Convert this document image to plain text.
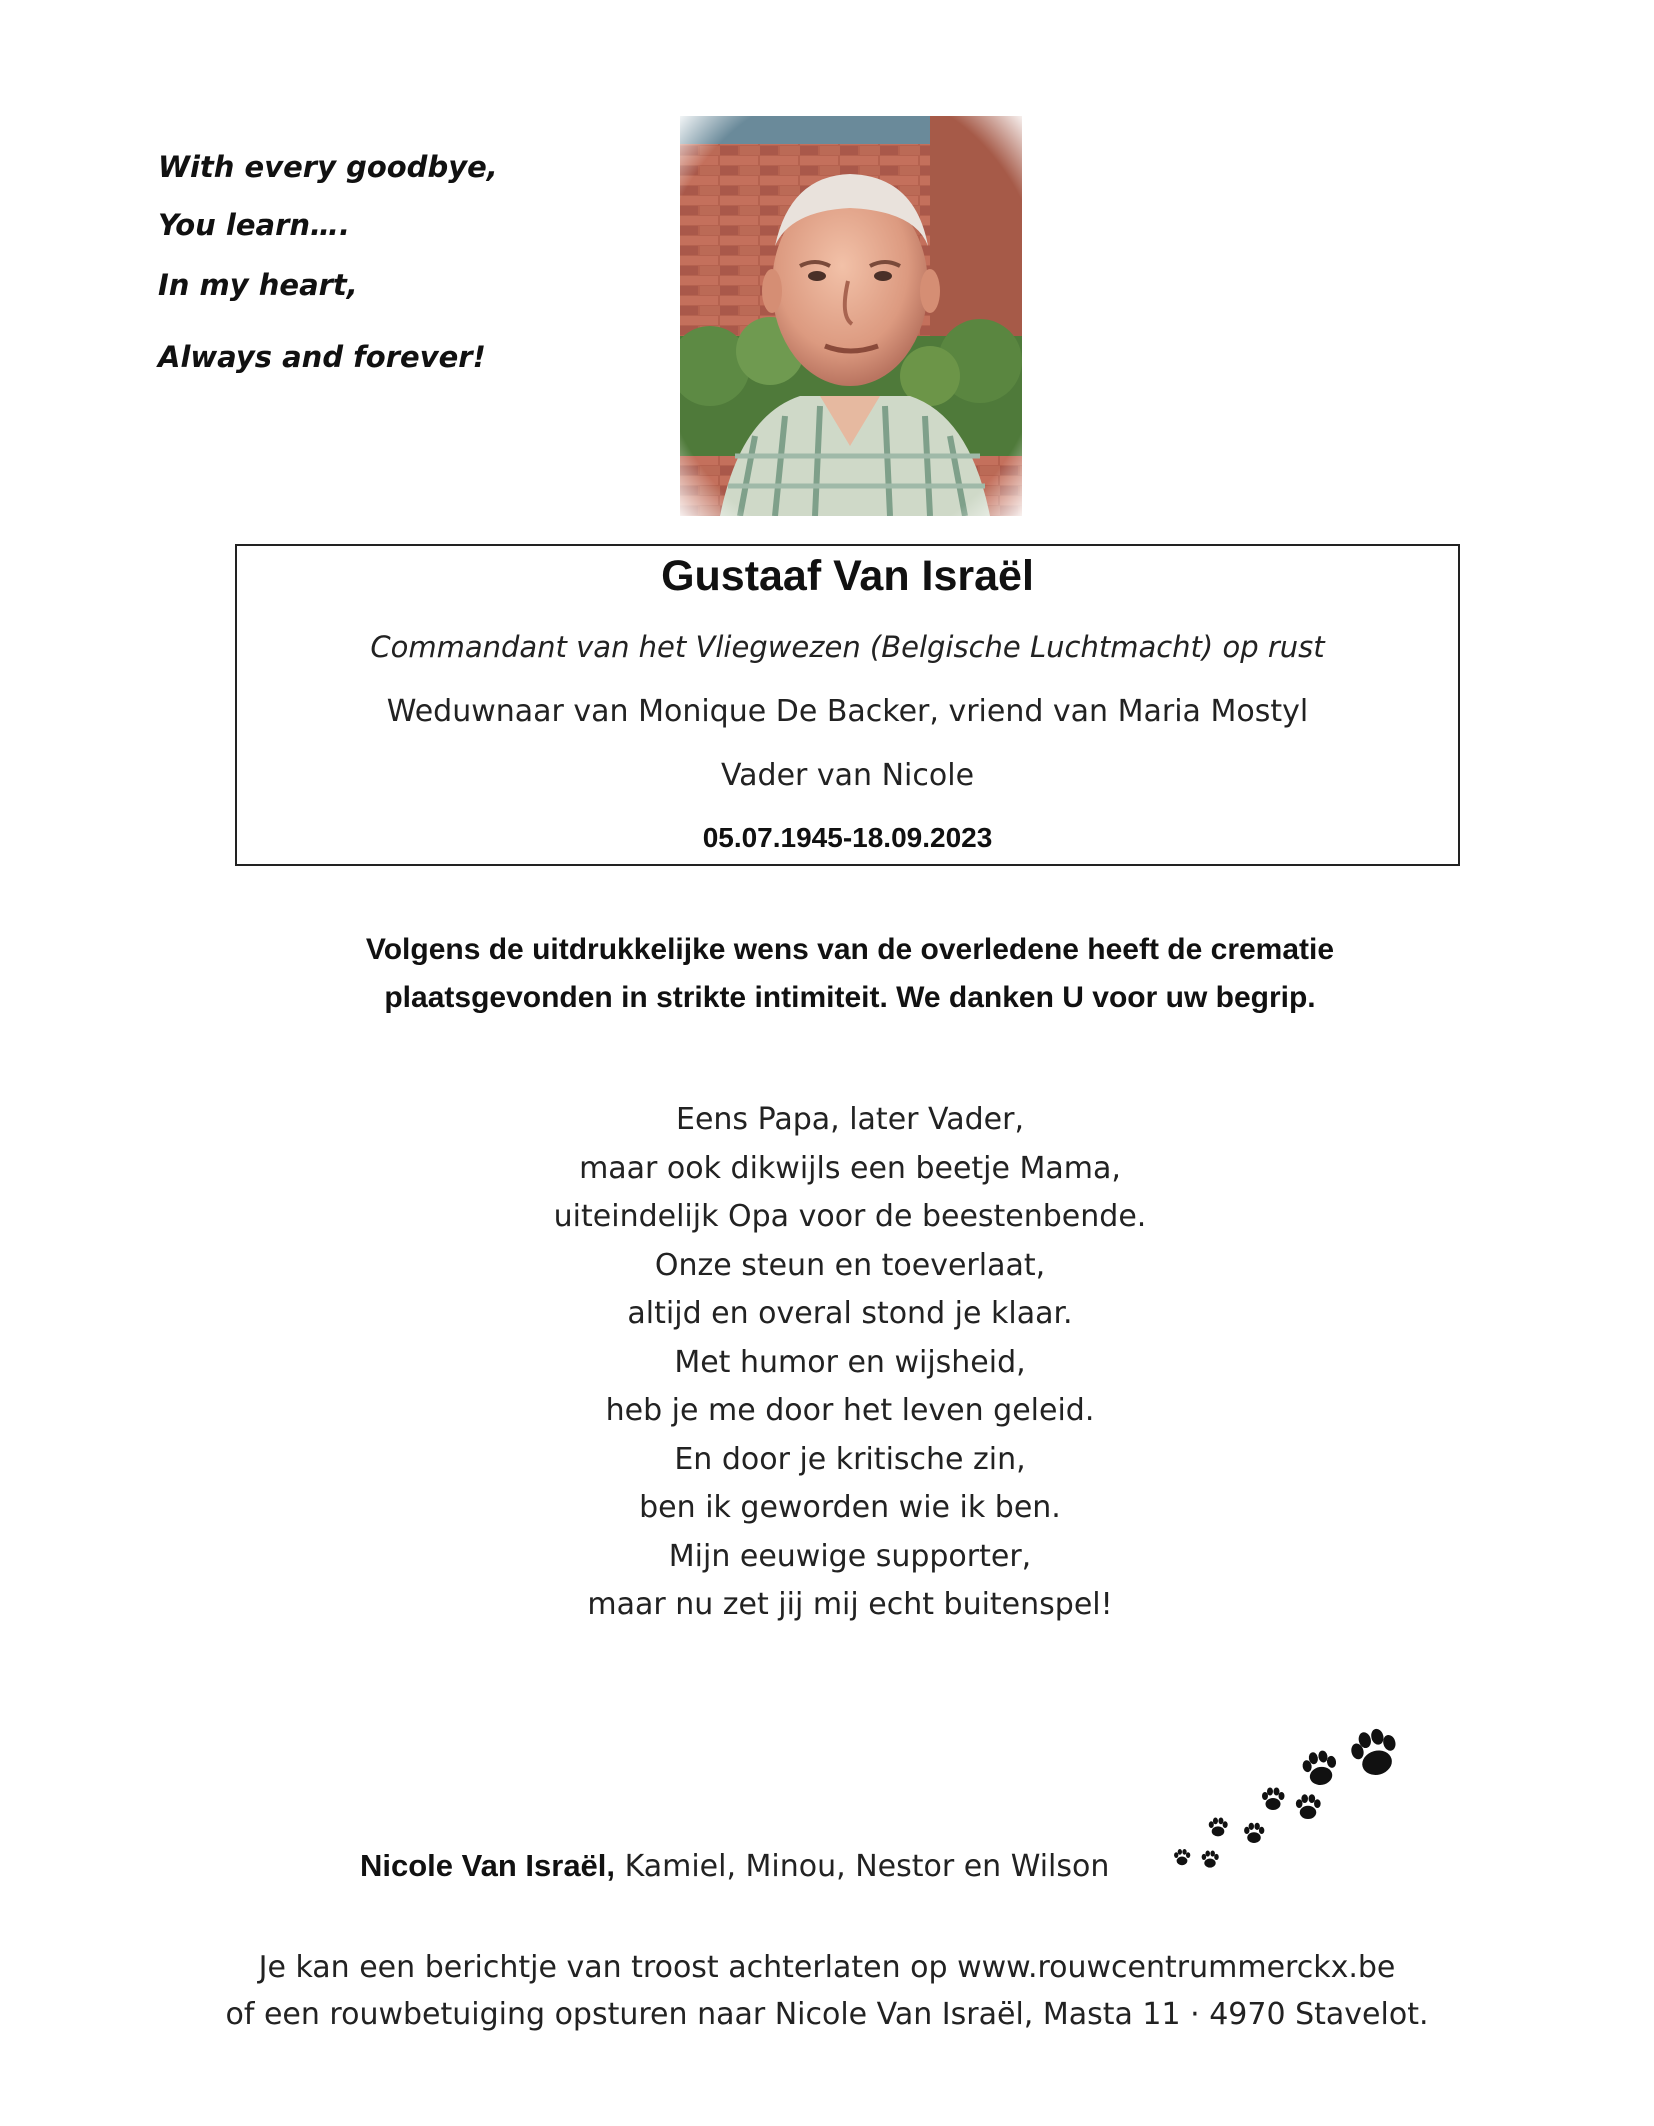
With every goodbye,
You learn….
In my heart,
Always and forever!
Gustaaf Van Israël
Commandant van het Vliegwezen (Belgische Luchtmacht) op rust
Weduwnaar van Monique De Backer, vriend van Maria Mostyl
Vader van Nicole
05.07.1945-18.09.2023
Volgens de uitdrukkelijke wens van de overledene heeft de crematie
plaatsgevonden in strikte intimiteit. We danken U voor uw begrip.
Eens Papa, later Vader,
maar ook dikwijls een beetje Mama,
uiteindelijk Opa voor de beestenbende.
Onze steun en toeverlaat,
altijd en overal stond je klaar.
Met humor en wijsheid,
heb je me door het leven geleid.
En door je kritische zin,
ben ik geworden wie ik ben.
Mijn eeuwige supporter,
maar nu zet jij mij echt buitenspel!
Nicole Van Israël, Kamiel, Minou, Nestor en Wilson
Je kan een berichtje van troost achterlaten op www.rouwcentrummerckx.be
of een rouwbetuiging opsturen naar Nicole Van Israël, Masta 11 · 4970 Stavelot.
